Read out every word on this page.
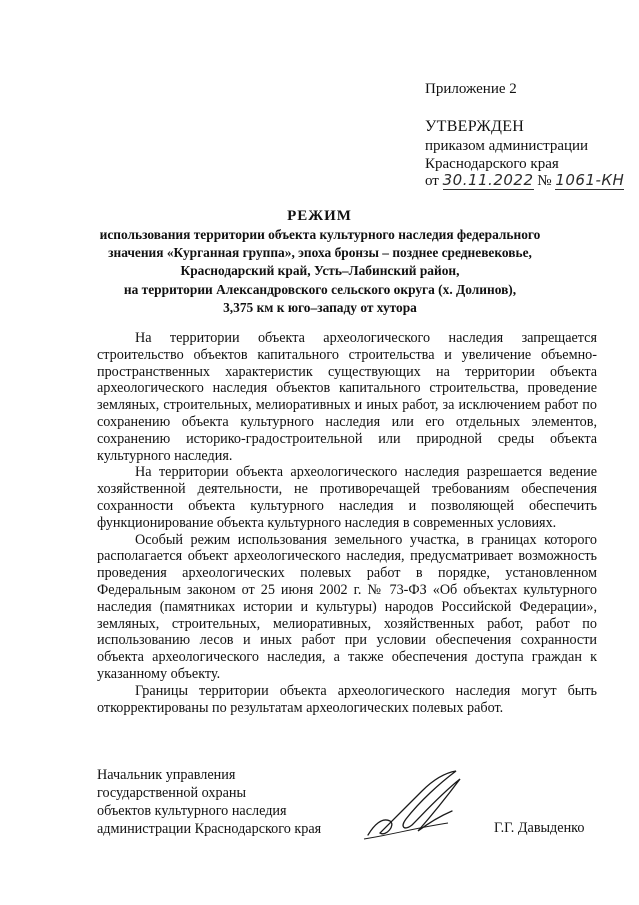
Приложение 2
УТВЕРЖДЕН
приказом администрации
Краснодарского края
от 30.11.2022 № 1061-КН
РЕЖИМ
использования территории объекта культурного наследия федерального
значения «Курганная группа», эпоха бронзы – позднее средневековье,
Краснодарский край, Усть–Лабинский район,
на территории Александровского сельского округа (х. Долинов),
3,375 км к юго–западу от хутора

На территории объекта археологического наследия запрещается строительство объектов капитального строительства и увеличение объемно-пространственных характеристик существующих на территории объекта археологического наследия объектов капитального строительства, проведение земляных, строительных, мелиоративных и иных работ, за исключением работ по сохранению объекта культурного наследия или его отдельных элементов, сохранению историко-градостроительной или природной среды объекта культурного наследия.

На территории объекта археологического наследия разрешается ведение хозяйственной деятельности, не противоречащей требованиям обеспечения сохранности объекта культурного наследия и позволяющей обеспечить функционирование объекта культурного наследия в современных условиях.

Особый режим использования земельного участка, в границах которого располагается объект археологического наследия, предусматривает возможность проведения археологических полевых работ в порядке, установленном Федеральным законом от 25 июня 2002 г. № 73-ФЗ «Об объектах культурного наследия (памятниках истории и культуры) народов Российской Федерации», земляных, строительных, мелиоративных, хозяйственных работ, работ по использованию лесов и иных работ при условии обеспечения сохранности объекта археологического наследия, а также обеспечения доступа граждан к указанному объекту.

Границы территории объекта археологического наследия могут быть откорректированы по результатам археологических полевых работ.

Начальник управления
государственной охраны
объектов культурного наследия
администрации Краснодарского края	Г.Г. Давыденко
